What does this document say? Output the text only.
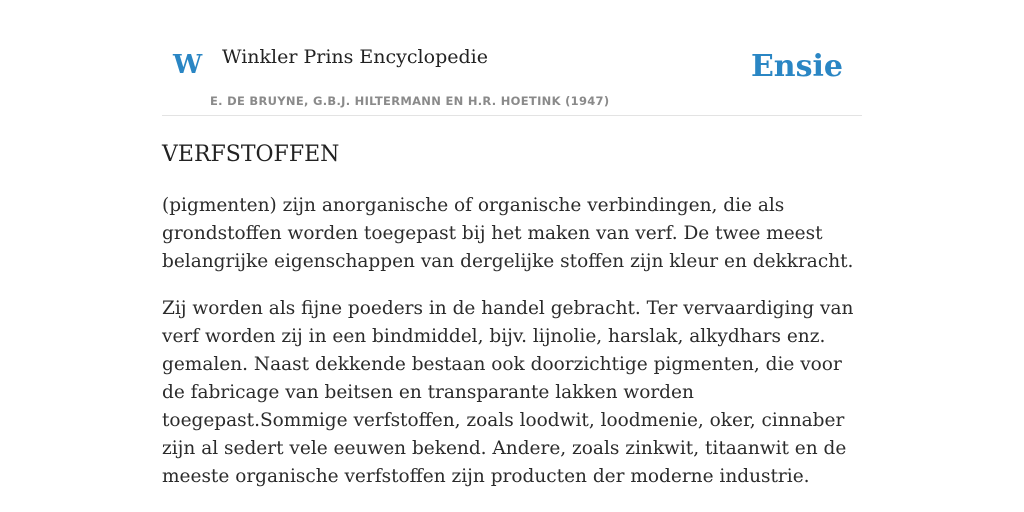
W Winkler Prins Encyclopedie
E. DE BRUYNE, G.B.J. HILTERMANN EN H.R. HOETINK (1947)
Ensie
VERFSTOFFEN

(pigmenten) zijn anorganische of organische verbindingen, die als grondstoffen worden toegepast bij het maken van verf. De twee meest belangrijke eigenschappen van dergelijke stoffen zijn kleur en dekkracht.

Zij worden als fijne poeders in de handel gebracht. Ter vervaardiging van verf worden zij in een bindmiddel, bijv. lijnolie, harslak, alkydhars enz. gemalen. Naast dekkende bestaan ook doorzichtige pigmenten, die voor de fabricage van beitsen en transparante lakken worden toegepast.Sommige verfstoffen, zoals loodwit, loodmenie, oker, cinnaber zijn al sedert vele eeuwen bekend. Andere, zoals zinkwit, titaanwit en de meeste organische verfstoffen zijn producten der moderne industrie.
